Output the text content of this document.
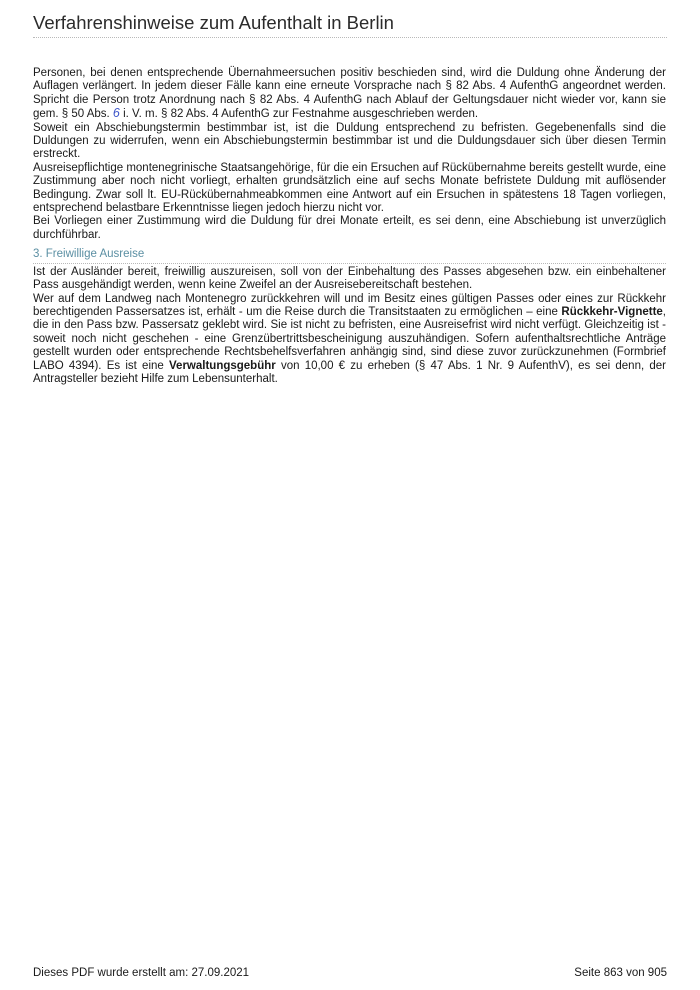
Verfahrenshinweise zum Aufenthalt in Berlin

Personen, bei denen entsprechende Übernahmeersuchen positiv beschieden sind, wird die Duldung ohne Änderung der Auflagen verlängert. In jedem dieser Fälle kann eine erneute Vorsprache nach § 82 Abs. 4 AufenthG angeordnet werden. Spricht die Person trotz Anordnung nach § 82 Abs. 4 AufenthG nach Ablauf der Geltungsdauer nicht wieder vor, kann sie gem. § 50 Abs. 6 i. V. m. § 82 Abs. 4 AufenthG zur Festnahme ausgeschrieben werden.

Soweit ein Abschiebungstermin bestimmbar ist, ist die Duldung entsprechend zu befristen. Gegebenenfalls sind die Duldungen zu widerrufen, wenn ein Abschiebungstermin bestimmbar ist und die Duldungsdauer sich über diesen Termin erstreckt.

Ausreisepflichtige montenegrinische Staatsangehörige, für die ein Ersuchen auf Rückübernahme bereits gestellt wurde, eine Zustimmung aber noch nicht vorliegt, erhalten grundsätzlich eine auf sechs Monate befristete Duldung mit auflösender Bedingung. Zwar soll lt. EU-Rückübernahmeabkommen eine Antwort auf ein Ersuchen in spätestens 18 Tagen vorliegen, entsprechend belastbare Erkenntnisse liegen jedoch hierzu nicht vor.

Bei Vorliegen einer Zustimmung wird die Duldung für drei Monate erteilt, es sei denn, eine Abschiebung ist unverzüglich durchführbar.

3. Freiwillige Ausreise

Ist der Ausländer bereit, freiwillig auszureisen, soll von der Einbehaltung des Passes abgesehen bzw. ein einbehaltener Pass ausgehändigt werden, wenn keine Zweifel an der Ausreisebereitschaft bestehen.

Wer auf dem Landweg nach Montenegro zurückkehren will und im Besitz eines gültigen Passes oder eines zur Rückkehr berechtigenden Passersatzes ist, erhält - um die Reise durch die Transitstaaten zu ermöglichen – eine Rückkehr-Vignette, die in den Pass bzw. Passersatz geklebt wird. Sie ist nicht zu befristen, eine Ausreisefrist wird nicht verfügt. Gleichzeitig ist - soweit noch nicht geschehen - eine Grenzübertrittsbescheinigung auszuhändigen. Sofern aufenthaltsrechtliche Anträge gestellt wurden oder entsprechende Rechtsbehelfsverfahren anhängig sind, sind diese zuvor zurückzunehmen (Formbrief LABO 4394). Es ist eine Verwaltungsgebühr von 10,00 € zu erheben (§ 47 Abs. 1 Nr. 9 AufenthV), es sei denn, der Antragsteller bezieht Hilfe zum Lebensunterhalt.

Dieses PDF wurde erstellt am: 27.09.2021	Seite 863 von 905
